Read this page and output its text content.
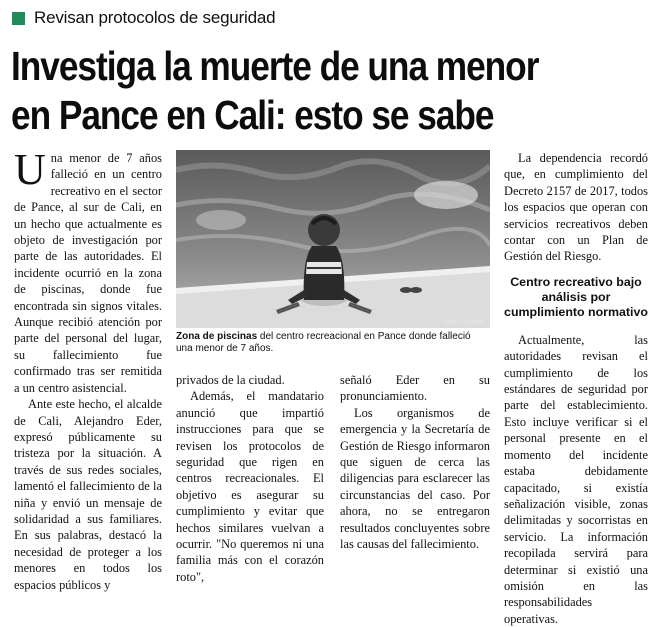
Revisan protocolos de seguridad
Investiga la muerte de una menor
en Pance en Cali: esto se sabe

Una menor de 7 años falleció en un centro recreativo en el sector de Pance, al sur de Cali, en un hecho que actualmente es objeto de investigación por parte de las autoridades. El incidente ocurrió en la zona de piscinas, donde fue encontrada sin signos vitales. Aunque recibió atención por parte del personal del lugar, su fallecimiento fue confirmado tras ser remitida a un centro asistencial.

Ante este hecho, el alcalde de Cali, Alejandro Eder, expresó públicamente su tristeza por la situación. A través de sus redes sociales, lamentó el fallecimiento de la niña y envió un mensaje de solidaridad a sus familiares. En sus palabras, destacó la necesidad de proteger a los menores en todos los espacios públicos y

Foto: Freepik
Zona de piscinas del centro recreacional en Pance donde falleció una menor de 7 años.

privados de la ciudad.

Además, el mandatario anunció que impartió instrucciones para que se revisen los protocolos de seguridad que rigen en centros recreacionales. El objetivo es asegurar su cumplimiento y evitar que hechos similares vuelvan a ocurrir. "No queremos ni una familia más con el corazón roto",

señaló Eder en su pronunciamiento.

Los organismos de emergencia y la Secretaría de Gestión de Riesgo informaron que siguen de cerca las diligencias para esclarecer las circunstancias del caso. Por ahora, no se entregaron resultados concluyentes sobre las causas del fallecimiento.

La dependencia recordó que, en cumplimiento del Decreto 2157 de 2017, todos los espacios que operan con servicios recreativos deben contar con un Plan de Gestión del Riesgo.

Centro recreativo bajo análisis por cumplimiento normativo

Actualmente, las autoridades revisan el cumplimiento de los estándares de seguridad por parte del establecimiento. Esto incluye verificar si el personal presente en el momento del incidente estaba debidamente capacitado, si existía señalización visible, zonas delimitadas y socorristas en servicio. La información recopilada servirá para determinar si existió una omisión en las responsabilidades operativas.
